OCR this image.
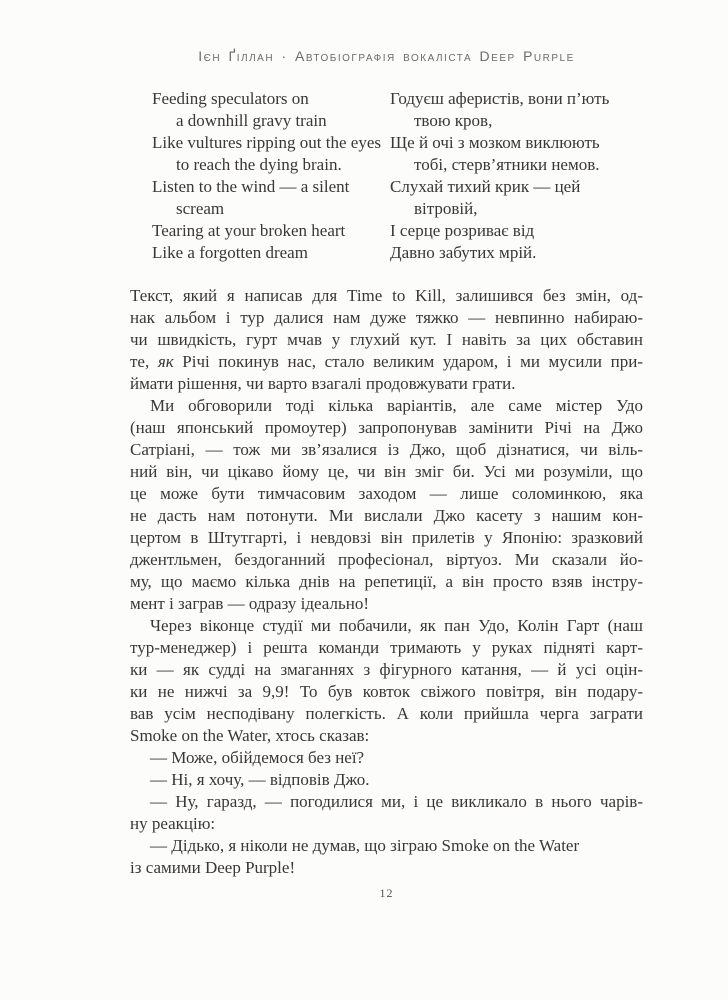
Ієн Ґіллан · Автобіографія вокаліста Deep Purple
Feeding speculators on
a downhill gravy train
Like vultures ripping out the eyes
to reach the dying brain.
Listen to the wind — a silent
scream
Tearing at your broken heart
Like a forgotten dream
Годуєш аферистів, вони п’ють
твою кров,
Ще й очі з мозком виклюють
тобі, стерв’ятники немов.
Слухай тихий крик — цей
вітровій,
І серце розриває від
Давно забутих мрій.
Текст, який я написав для Time to Kill, залишився без змін, од-
нак альбом і тур далися нам дуже тяжко — невпинно набираю-
чи швидкість, гурт мчав у глухий кут. І навіть за цих обставин
те, як Річі покинув нас, стало великим ударом, і ми мусили при-
ймати рішення, чи варто взагалі продовжувати грати.
Ми обговорили тоді кілька варіантів, але саме містер Удо
(наш японський промоутер) запропонував замінити Річі на Джо
Сатріані, — тож ми зв’язалися із Джо, щоб дізнатися, чи віль-
ний він, чи цікаво йому це, чи він зміг би. Усі ми розуміли, що
це може бути тимчасовим заходом — лише соломинкою, яка
не дасть нам потонути. Ми вислали Джо касету з нашим кон-
цертом в Штутгарті, і невдовзі він прилетів у Японію: зразковий
джентльмен, бездоганний професіонал, віртуоз. Ми сказали йо-
му, що маємо кілька днів на репетиції, а він просто взяв інстру-
мент і заграв — одразу ідеально!
Через віконце студії ми побачили, як пан Удо, Колін Гарт (наш
тур-менеджер) і решта команди тримають у руках підняті карт-
ки — як судді на змаганнях з фігурного катання, — й усі оцін-
ки не нижчі за 9,9! То був ковток свіжого повітря, він подару-
вав усім несподівану полегкість. А коли прийшла черга заграти
Smoke on the Water, хтось сказав:
— Може, обійдемося без неї?
— Ні, я хочу, — відповів Джо.
— Ну, гаразд, — погодилися ми, і це викликало в нього чарів-
ну реакцію:
— Дідько, я ніколи не думав, що зіграю Smoke on the Water
із самими Deep Purple!
12
